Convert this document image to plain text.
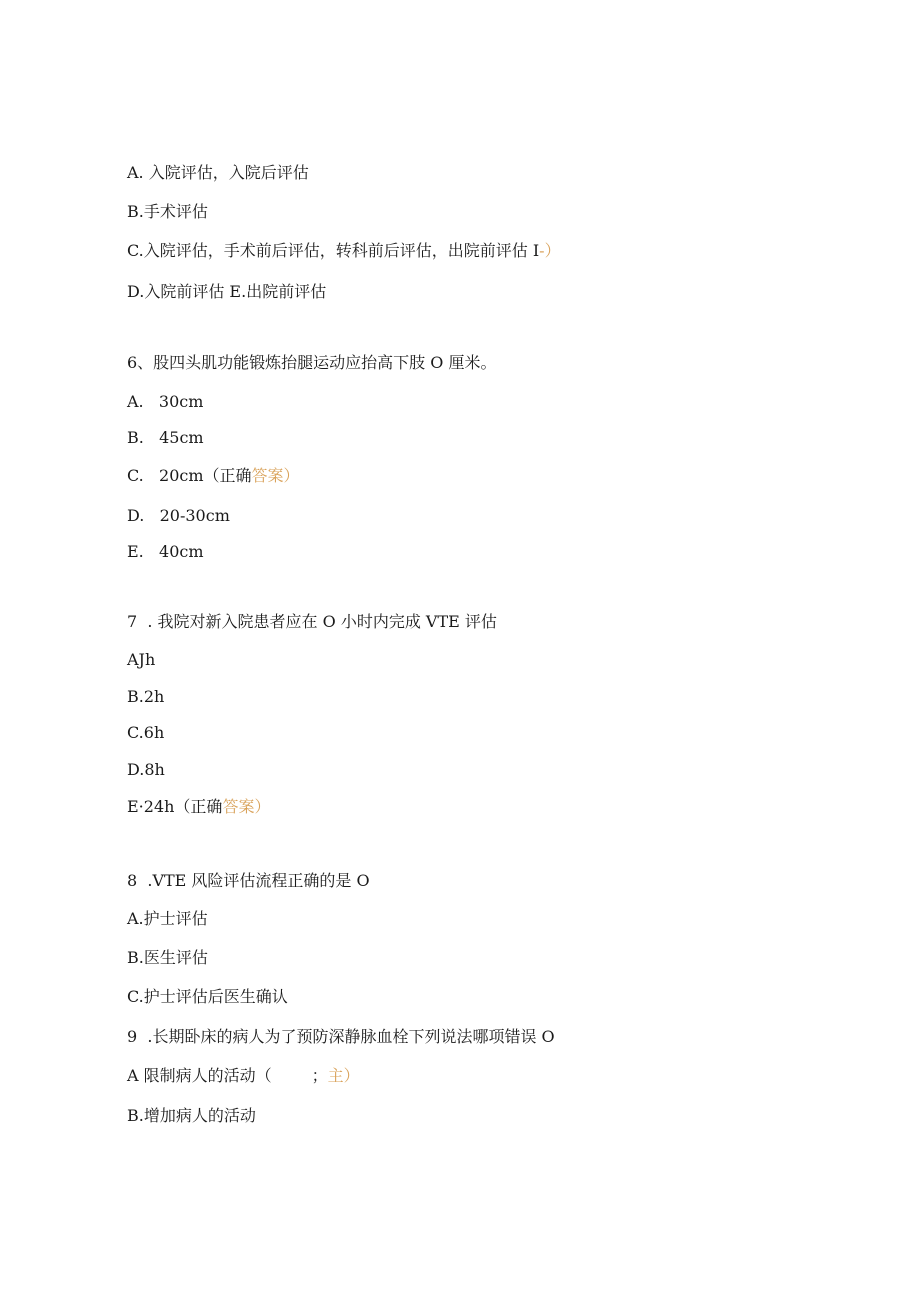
A. 入院评估，入院后评估
B.手术评估
C.入院评估，手术前后评估，转科前后评估，出院前评估 I-）
D.入院前评估 E.出院前评估
6、股四头肌功能锻炼抬腿运动应抬高下肢 O 厘米。
A.   30cm
B.   45cm
C.   20cm（正确答案）
D.   20-30cm
E.   40cm
7  . 我院对新入院患者应在 O 小时内完成 VTE 评估
AJh
B.2h
C.6h
D.8h
E·24h（正确答案）
8  .VTE 风险评估流程正确的是 O
A.护士评估
B.医生评估
C.护士评估后医生确认
9  .长期卧床的病人为了预防深静脉血栓下列说法哪项错误 O
A 限制病人的活动（	；主）
B.增加病人的活动
